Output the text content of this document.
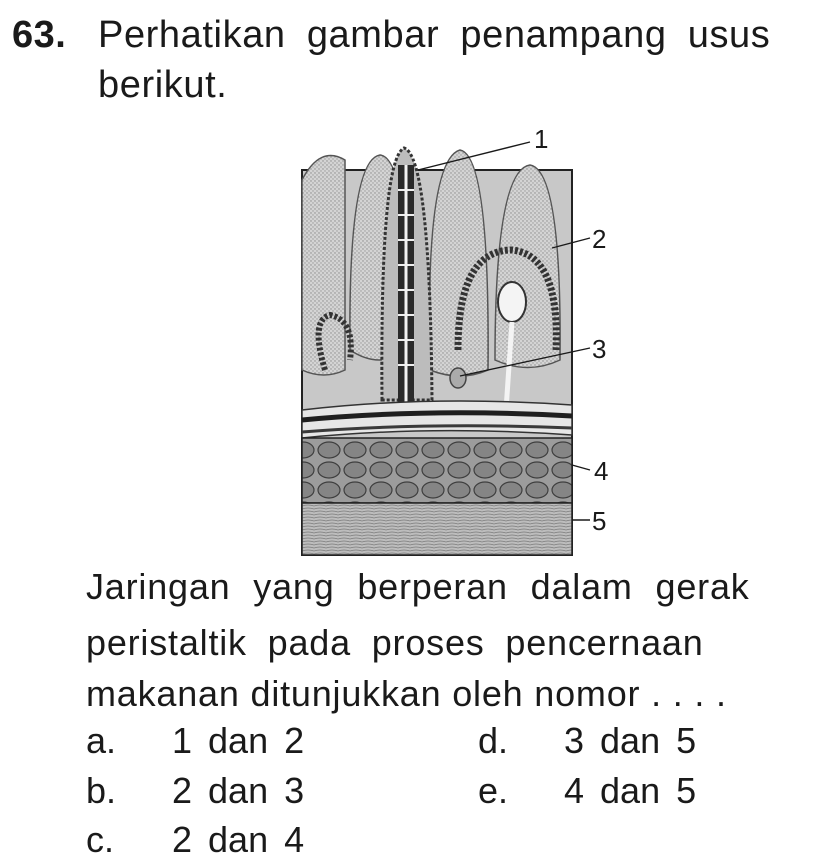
63. Perhatikan gambar penampang usus
berikut.
1
2
3
4
5
Jaringan yang berperan dalam gerak
peristaltik pada proses pencernaan
makanan ditunjukkan oleh nomor . . . .
a. 1 dan 2
b. 2 dan 3
c. 2 dan 4
d. 3 dan 5
e. 4 dan 5
